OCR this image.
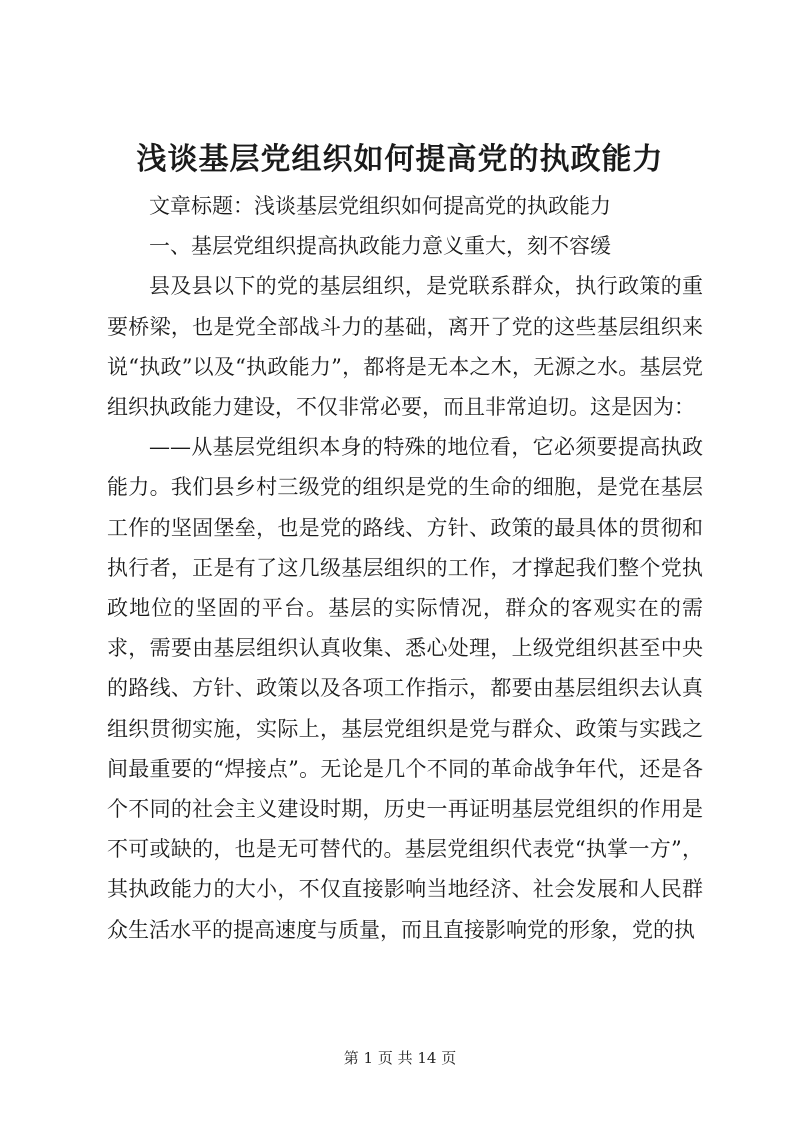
浅谈基层党组织如何提高党的执政能力

文章标题：浅谈基层党组织如何提高党的执政能力

一、基层党组织提高执政能力意义重大，刻不容缓

县及县以下的党的基层组织，是党联系群众，执行政策的重要桥梁，也是党全部战斗力的基础，离开了党的这些基层组织来说“执政”以及“执政能力”，都将是无本之木，无源之水。基层党组织执政能力建设，不仅非常必要，而且非常迫切。这是因为：

——从基层党组织本身的特殊的地位看，它必须要提高执政能力。我们县乡村三级党的组织是党的生命的细胞，是党在基层工作的坚固堡垒，也是党的路线、方针、政策的最具体的贯彻和执行者，正是有了这几级基层组织的工作，才撑起我们整个党执政地位的坚固的平台。基层的实际情况，群众的客观实在的需求，需要由基层组织认真收集、悉心处理，上级党组织甚至中央的路线、方针、政策以及各项工作指示，都要由基层组织去认真组织贯彻实施，实际上，基层党组织是党与群众、政策与实践之间最重要的“焊接点”。无论是几个不同的革命战争年代，还是各个不同的社会主义建设时期，历史一再证明基层党组织的作用是不可或缺的，也是无可替代的。基层党组织代表党“执掌一方”，其执政能力的大小，不仅直接影响当地经济、社会发展和人民群众生活水平的提高速度与质量，而且直接影响党的形象，党的执

第 1 页 共 14 页
